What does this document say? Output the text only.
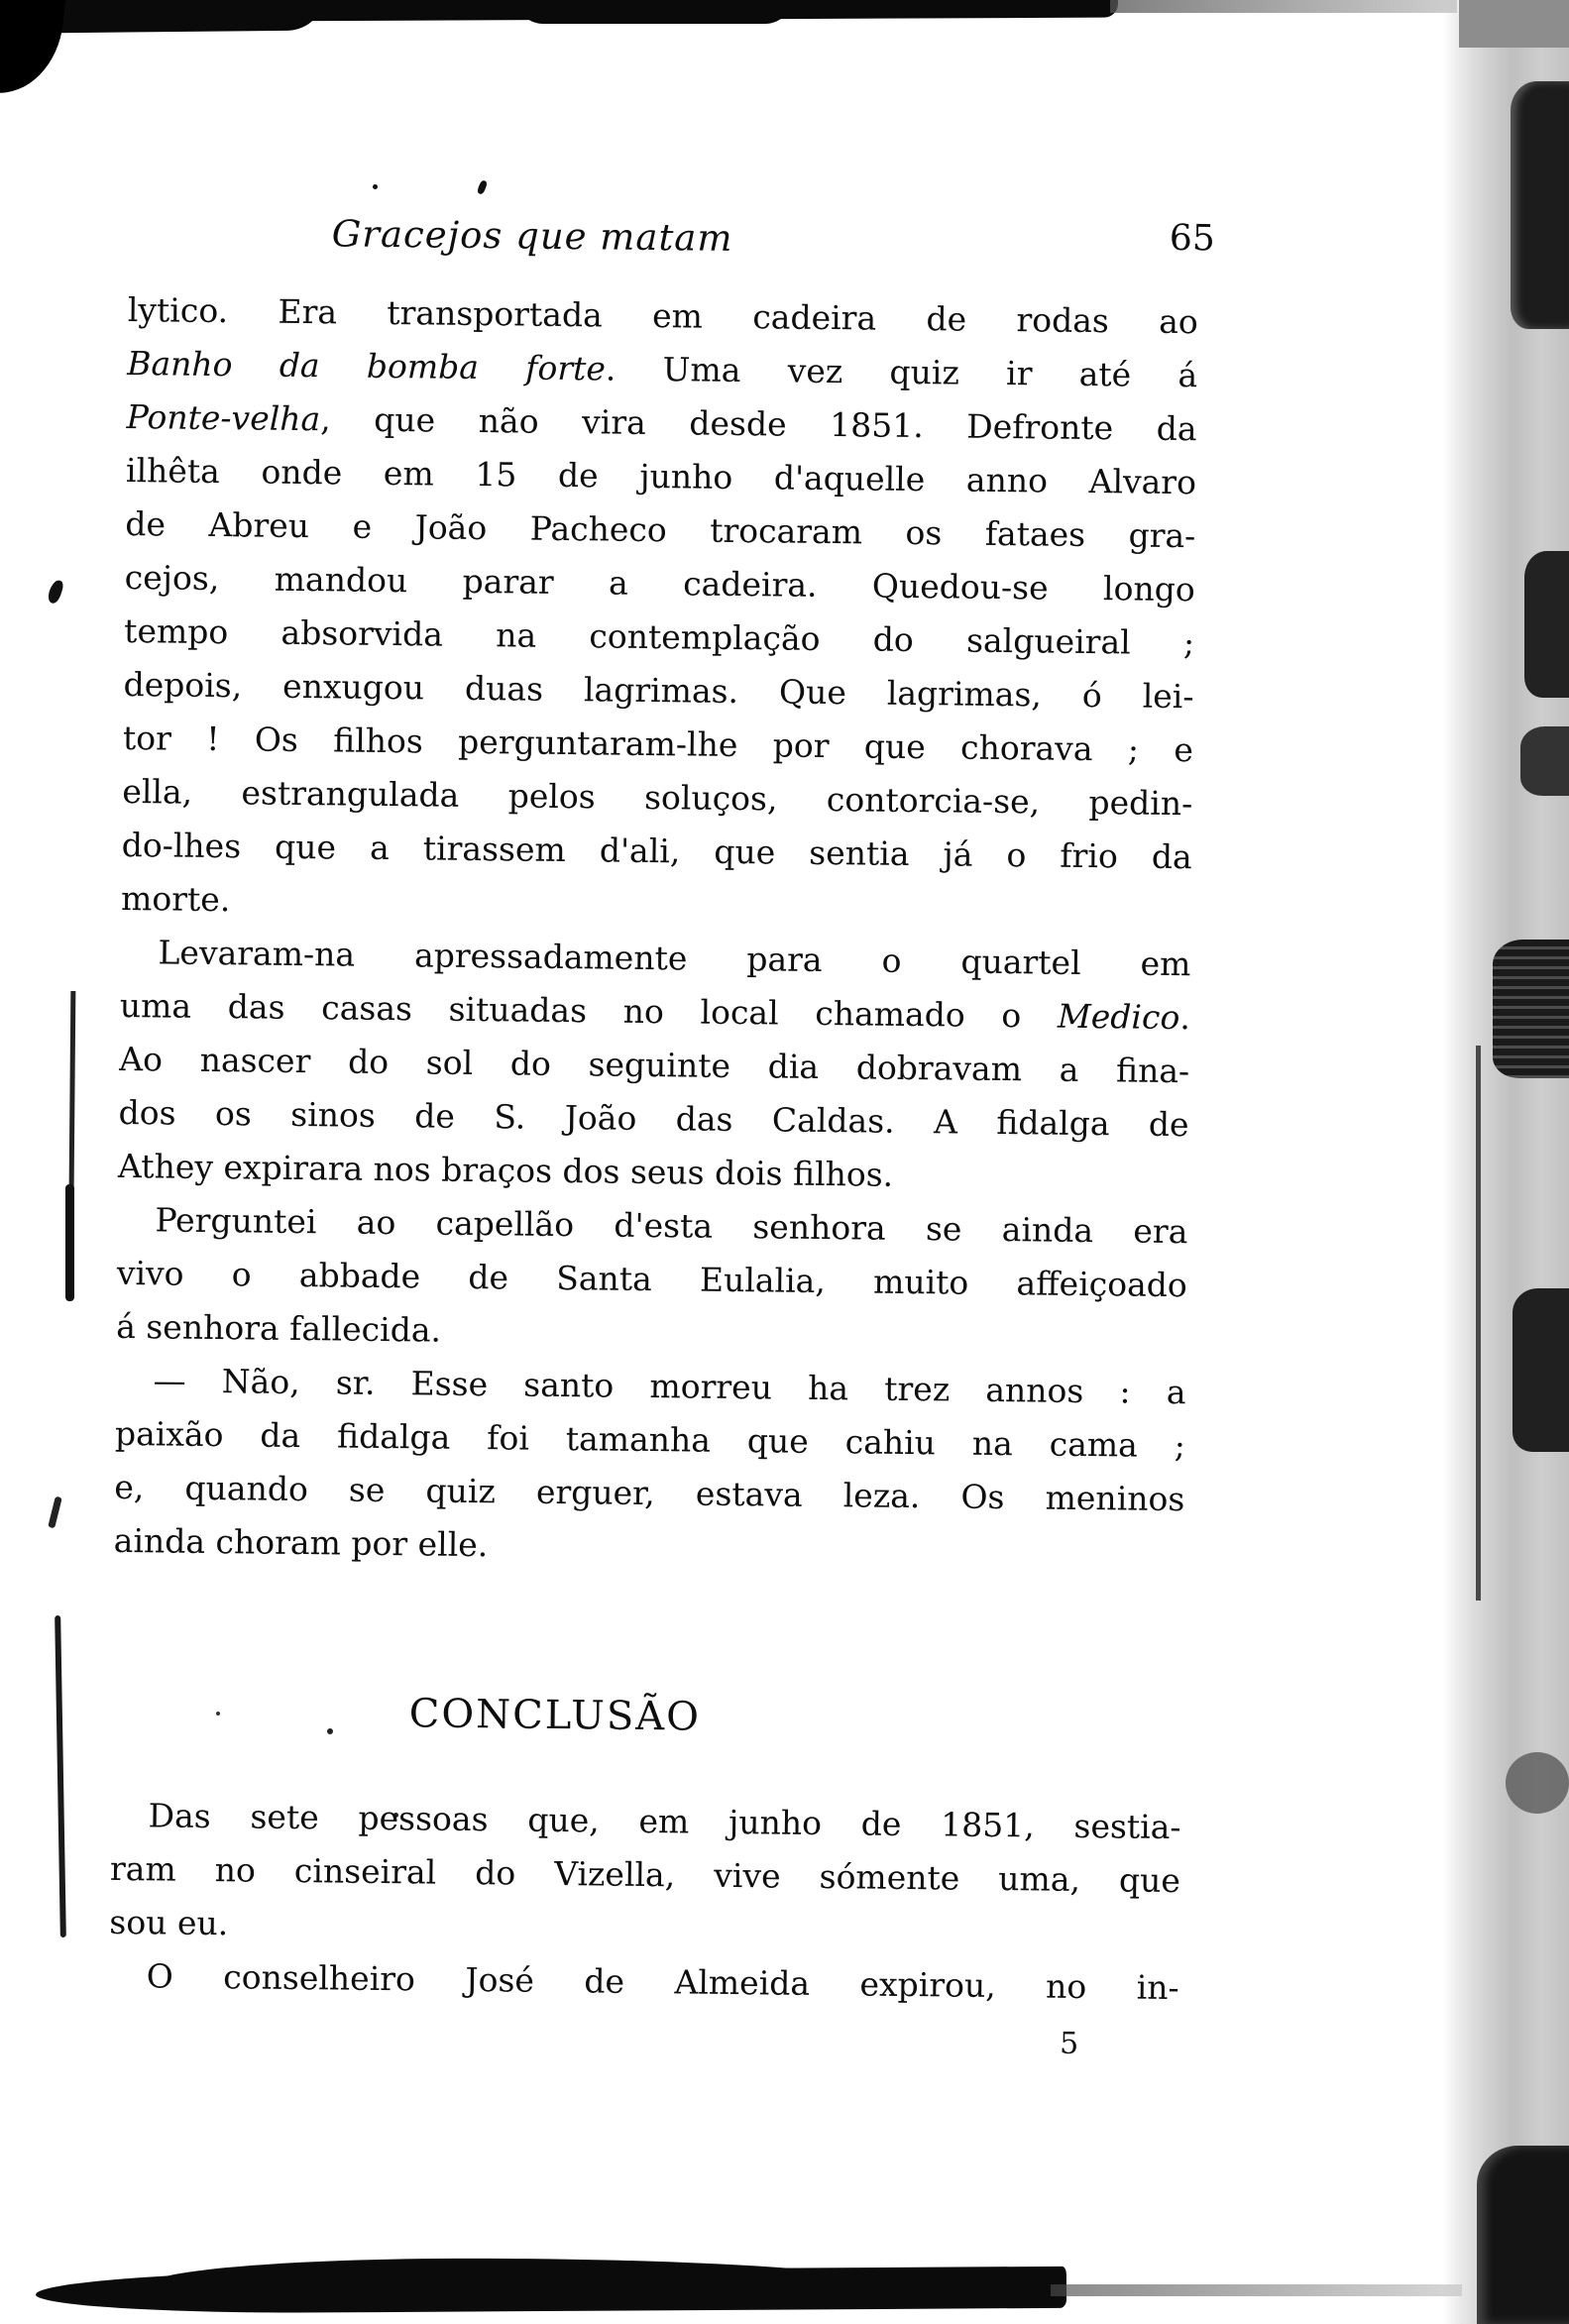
Gracejos que matam	65
lytico. Era transportada em cadeira de rodas ao
Banho da bomba forte. Uma vez quiz ir até á
Ponte-velha, que não vira desde 1851. Defronte da
ilhêta onde em 15 de junho d'aquelle anno Alvaro
de Abreu e João Pacheco trocaram os fataes gra-
cejos, mandou parar a cadeira. Quedou-se longo
tempo absorvida na contemplação do salgueiral ;
depois, enxugou duas lagrimas. Que lagrimas, ó lei-
tor ! Os filhos perguntaram-lhe por que chorava ; e
ella, estrangulada pelos soluços, contorcia-se, pedin-
do-lhes que a tirassem d'ali, que sentia já o frio da
morte.
Levaram-na apressadamente para o quartel em
uma das casas situadas no local chamado o Medico.
Ao nascer do sol do seguinte dia dobravam a fina-
dos os sinos de S. João das Caldas. A fidalga de
Athey expirara nos braços dos seus dois filhos.
Perguntei ao capellão d'esta senhora se ainda era
vivo o abbade de Santa Eulalia, muito affeiçoado
á senhora fallecida.
— Não, sr. Esse santo morreu ha trez annos : a
paixão da fidalga foi tamanha que cahiu na cama ;
e, quando se quiz erguer, estava leza. Os meninos
ainda choram por elle.
CONCLUSÃO
Das sete pessoas que, em junho de 1851, sestia-
ram no cinseiral do Vizella, vive sómente uma, que
sou eu.
O conselheiro José de Almeida expirou, no in-
5
